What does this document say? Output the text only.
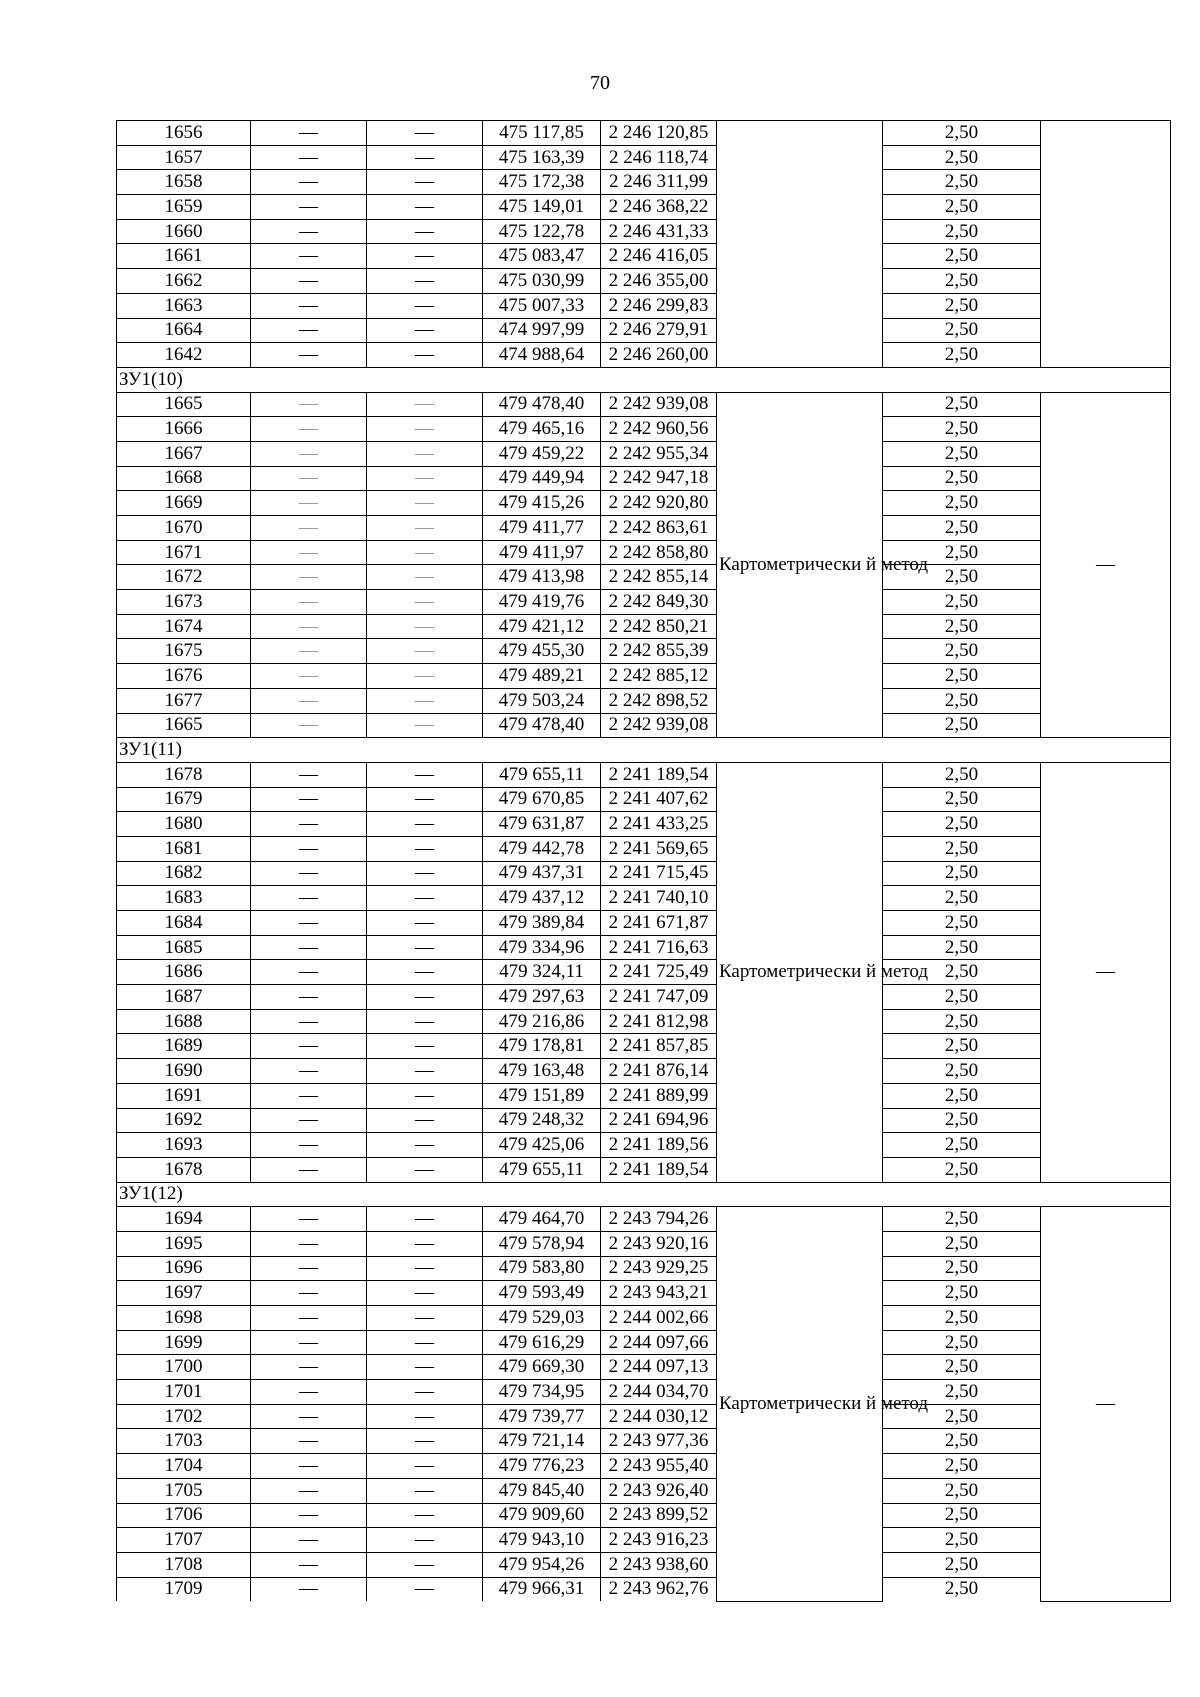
70
1656	—	—	475 117,85	2 246 120,85		2,50	
1657	—	—	475 163,39	2 246 118,74		2,50	
1658	—	—	475 172,38	2 246 311,99		2,50	
1659	—	—	475 149,01	2 246 368,22		2,50	
1660	—	—	475 122,78	2 246 431,33		2,50	
1661	—	—	475 083,47	2 246 416,05		2,50	
1662	—	—	475 030,99	2 246 355,00		2,50	
1663	—	—	475 007,33	2 246 299,83		2,50	
1664	—	—	474 997,99	2 246 279,91		2,50	
1642	—	—	474 988,64	2 246 260,00		2,50	
ЗУ1(10)							
1665	—	—	479 478,40	2 242 939,08	Картометрически й метод	2,50	—
1666	—	—	479 465,16	2 242 960,56		2,50	
1667	—	—	479 459,22	2 242 955,34		2,50	
1668	—	—	479 449,94	2 242 947,18		2,50	
1669	—	—	479 415,26	2 242 920,80		2,50	
1670	—	—	479 411,77	2 242 863,61		2,50	
1671	—	—	479 411,97	2 242 858,80		2,50	
1672	—	—	479 413,98	2 242 855,14		2,50	
1673	—	—	479 419,76	2 242 849,30		2,50	
1674	—	—	479 421,12	2 242 850,21		2,50	
1675	—	—	479 455,30	2 242 855,39		2,50	
1676	—	—	479 489,21	2 242 885,12		2,50	
1677	—	—	479 503,24	2 242 898,52		2,50	
1665	—	—	479 478,40	2 242 939,08		2,50	
ЗУ1(11)							
1678	—	—	479 655,11	2 241 189,54	Картометрически й метод	2,50	—
1679	—	—	479 670,85	2 241 407,62		2,50	
1680	—	—	479 631,87	2 241 433,25		2,50	
1681	—	—	479 442,78	2 241 569,65		2,50	
1682	—	—	479 437,31	2 241 715,45		2,50	
1683	—	—	479 437,12	2 241 740,10		2,50	
1684	—	—	479 389,84	2 241 671,87		2,50	
1685	—	—	479 334,96	2 241 716,63		2,50	
1686	—	—	479 324,11	2 241 725,49		2,50	
1687	—	—	479 297,63	2 241 747,09		2,50	
1688	—	—	479 216,86	2 241 812,98		2,50	
1689	—	—	479 178,81	2 241 857,85		2,50	
1690	—	—	479 163,48	2 241 876,14		2,50	
1691	—	—	479 151,89	2 241 889,99		2,50	
1692	—	—	479 248,32	2 241 694,96		2,50	
1693	—	—	479 425,06	2 241 189,56		2,50	
1678	—	—	479 655,11	2 241 189,54		2,50	
ЗУ1(12)							
1694	—	—	479 464,70	2 243 794,26	Картометрически й метод	2,50	—
1695	—	—	479 578,94	2 243 920,16		2,50	
1696	—	—	479 583,80	2 243 929,25		2,50	
1697	—	—	479 593,49	2 243 943,21		2,50	
1698	—	—	479 529,03	2 244 002,66		2,50	
1699	—	—	479 616,29	2 244 097,66		2,50	
1700	—	—	479 669,30	2 244 097,13		2,50	
1701	—	—	479 734,95	2 244 034,70		2,50	
1702	—	—	479 739,77	2 244 030,12		2,50	
1703	—	—	479 721,14	2 243 977,36		2,50	
1704	—	—	479 776,23	2 243 955,40		2,50	
1705	—	—	479 845,40	2 243 926,40		2,50	
1706	—	—	479 909,60	2 243 899,52		2,50	
1707	—	—	479 943,10	2 243 916,23		2,50	
1708	—	—	479 954,26	2 243 938,60		2,50	
1709	—	—	479 966,31	2 243 962,76		2,50	
